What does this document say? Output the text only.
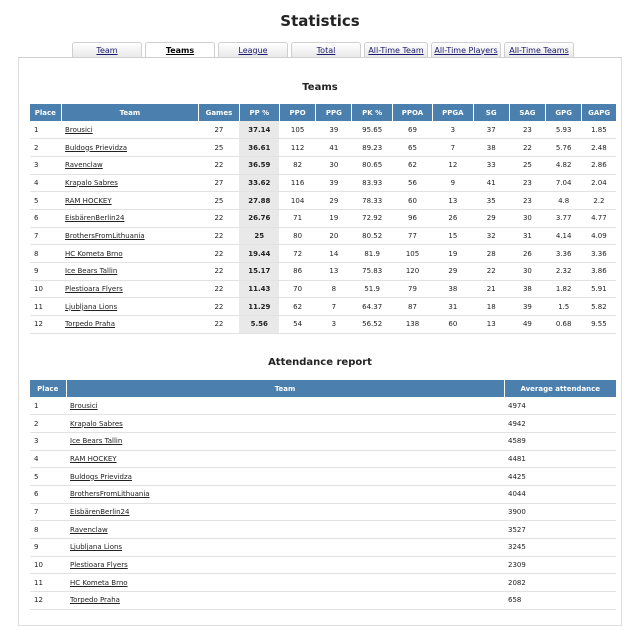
Statistics
Team	Teams	League	Total	All-Time Team	All-Time Players	All-Time Teams
Teams
Place	Team	Games	PP %	PPO	PPG	PK %	PPOA	PPGA	SG	SAG	GPG	GAPG
1	Brousici	27	37.14	105	39	95.65	69	3	37	23	5.93	1.85
2	Buldogs Prievidza	25	36.61	112	41	89.23	65	7	38	22	5.76	2.48
3	Ravenclaw	22	36.59	82	30	80.65	62	12	33	25	4.82	2.86
4	Krapalo Sabres	27	33.62	116	39	83.93	56	9	41	23	7.04	2.04
5	RAM HOCKEY	25	27.88	104	29	78.33	60	13	35	23	4.8	2.2
6	EisbärenBerlin24	22	26.76	71	19	72.92	96	26	29	30	3.77	4.77
7	BrothersFromLithuania	22	25	80	20	80.52	77	15	32	31	4.14	4.09
8	HC Kometa Brno	22	19.44	72	14	81.9	105	19	28	26	3.36	3.36
9	Ice Bears Tallin	22	15.17	86	13	75.83	120	29	22	30	2.32	3.86
10	Plestioara Flyers	22	11.43	70	8	51.9	79	38	21	38	1.82	5.91
11	Ljubljana Lions	22	11.29	62	7	64.37	87	31	18	39	1.5	5.82
12	Torpedo Praha	22	5.56	54	3	56.52	138	60	13	49	0.68	9.55
Attendance report
Place	Team	Average attendance
1	Brousici	4974
2	Krapalo Sabres	4942
3	Ice Bears Tallin	4589
4	RAM HOCKEY	4481
5	Buldogs Prievidza	4425
6	BrothersFromLithuania	4044
7	EisbärenBerlin24	3900
8	Ravenclaw	3527
9	Ljubljana Lions	3245
10	Plestioara Flyers	2309
11	HC Kometa Brno	2082
12	Torpedo Praha	658
